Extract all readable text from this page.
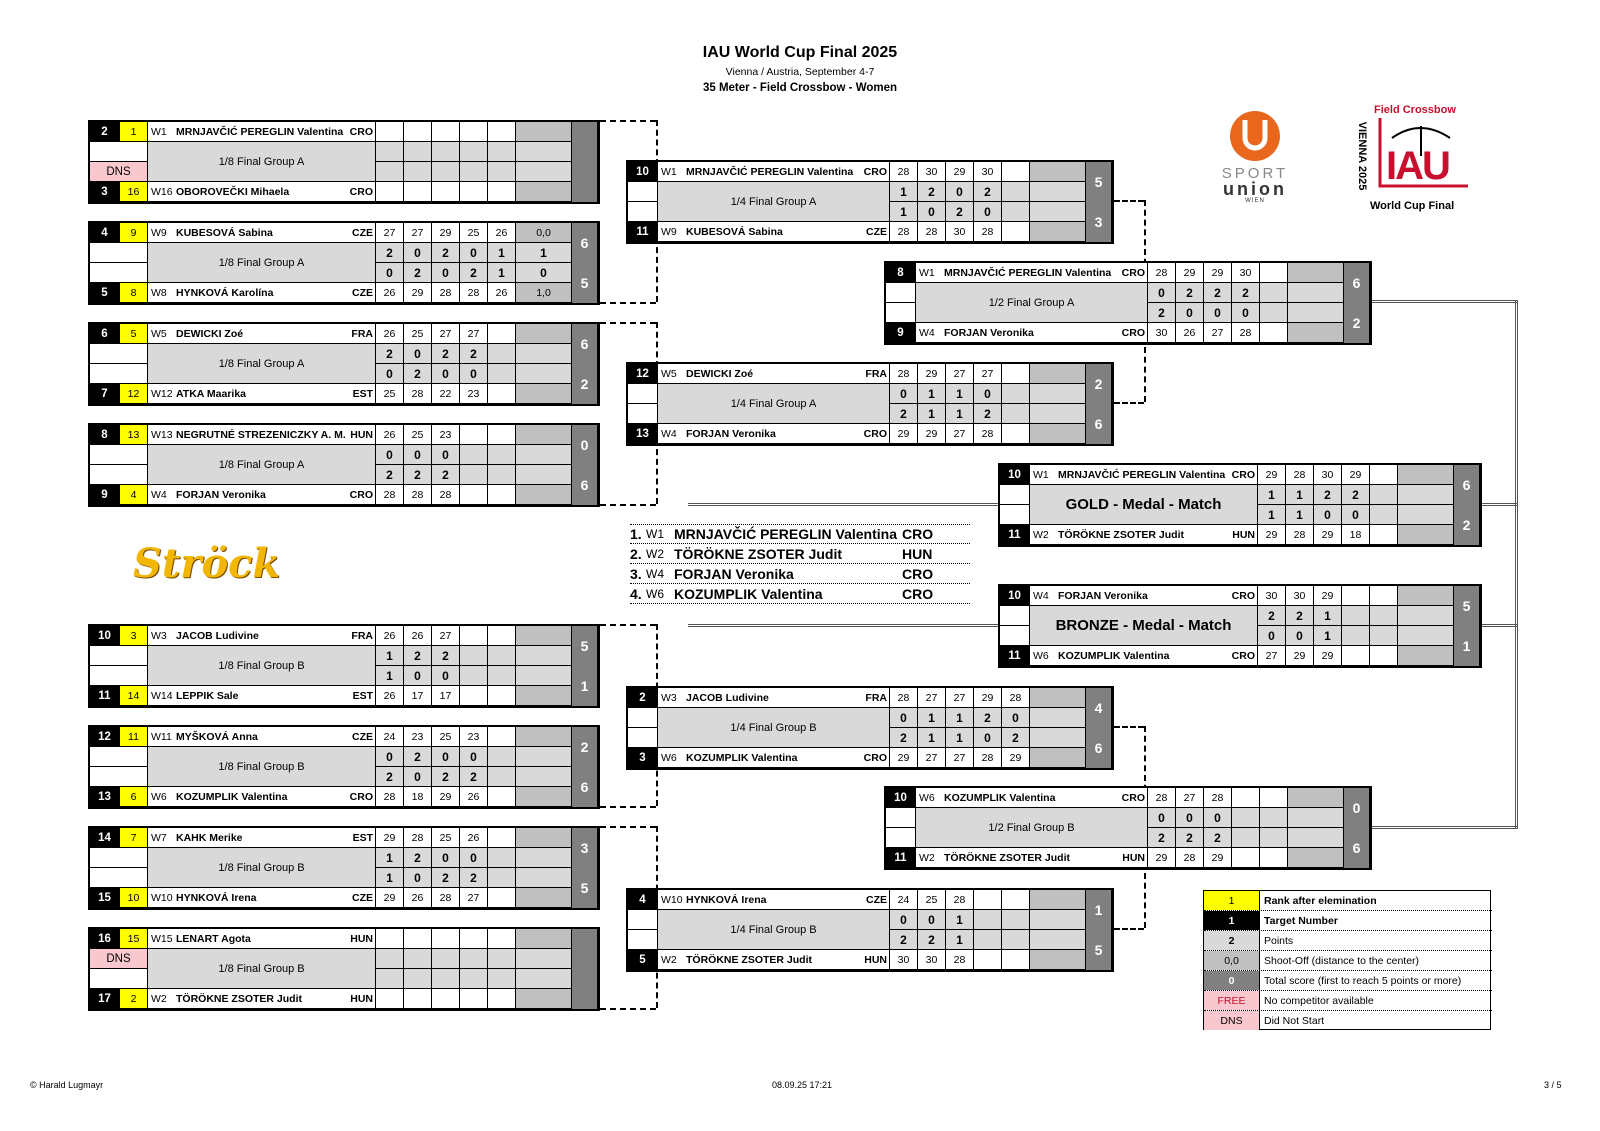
IAU World Cup Final 2025
Vienna / Austria, September 4-7
35 Meter - Field Crossbow - Women
SPORT
union
WIEN
Field Crossbow
VIENNA 2025 IAU
World Cup Final
Ströck
2	1	W1 MRNJAVČIĆ PEREGLIN Valentina CRO
3	16	W16 OBOROVEČKI Mihaela	CRO
DNS
1/8 Final Group A
4	9	W9 KUBESOVÁ Sabina	CZE	27	27	29	25	26	0,0
2	0	2	0	1	1
6
5	8	W8 HYNKOVÁ Karolína	CZE	26	29	28	28	26	1,0
0	2	0	2	1	0
5
1/8 Final Group A
6	5	W5 DEWICKI Zoé	FRA	26	25	27	27
2	0	2	2
6
7	12	W12 ATKA Maarika	EST	25	28	22	23
0	2	0	0
2
1/8 Final Group A
8	13	W13 NEGRUTNÉ STREZENICZKY A. M. HUN	26	25	23
0	0	0
0
9	4	W4 FORJAN Veronika	CRO	28	28	28
2	2	2
6
1/8 Final Group A
10	3	W3 JACOB Ludivine	FRA	26	26	27
1	2	2
5
11	14	W14 LEPPIK Sale	EST	26	17	17
1	0	0
1
1/8 Final Group B
12	11	W11 MYŠKOVÁ Anna	CZE	24	23	25	23
0	2	0	0
2
13	6	W6 KOZUMPLIK Valentina	CRO	28	18	29	26
2	0	2	2
6
1/8 Final Group B
14	7	W7 KAHK Merike	EST	29	28	25	26
1	2	0	0
3
15	10	W10 HYNKOVÁ Irena	CZE	29	26	28	27
1	0	2	2
5
1/8 Final Group B
16	15	W15 LENART Agota	HUN
DNS
17	2	W2 TÖRÖKNE ZSOTER Judit	HUN
1/8 Final Group B
10	W1 MRNJAVČIĆ PEREGLIN Valentina CRO	28	30	29	30
1	2	0	2
5
11	W9 KUBESOVÁ Sabina	CZE	28	28	30	28
1	0	2	0
3
1/4 Final Group A
12	W5 DEWICKI Zoé	FRA	28	29	27	27
0	1	1	0
2
13	W4 FORJAN Veronika	CRO	29	29	27	28
2	1	1	2
6
1/4 Final Group A
2	W3 JACOB Ludivine	FRA	28	27	27	29	28
0	1	1	2	0
4
3	W6 KOZUMPLIK Valentina	CRO	29	27	27	28	29
2	1	1	0	2
6
1/4 Final Group B
4	W10 HYNKOVÁ Irena	CZE	24	25	28
0	0	1
1
5	W2 TÖRÖKNE ZSOTER Judit	HUN	30	30	28
2	2	1
5
1/4 Final Group B
8	W1 MRNJAVČIĆ PEREGLIN Valentina CRO	28	29	29	30
0	2	2	2
6
9	W4 FORJAN Veronika	CRO	30	26	27	28
2	0	0	0
2
1/2 Final Group A
10	W6 KOZUMPLIK Valentina	CRO	28	27	28
0	0	0
0
11	W2 TÖRÖKNE ZSOTER Judit	HUN	29	28	29
2	2	2
6
1/2 Final Group B
10	W1 MRNJAVČIĆ PEREGLIN Valentina CRO	29	28	30	29
1	1	2	2
6
11	W2 TÖRÖKNE ZSOTER Judit	HUN	29	28	29	18
1	1	0	0
2
GOLD - Medal - Match
10	W4 FORJAN Veronika	CRO	30	30	29
2	2	1
5
11	W6 KOZUMPLIK Valentina	CRO	27	29	29
0	0	1
1
BRONZE - Medal - Match
1. W1 MRNJAVČIĆ PEREGLIN Valentina CRO
2. W2 TÖRÖKNE ZSOTER Judit	HUN
3. W4 FORJAN Veronika	CRO
4. W6 KOZUMPLIK Valentina	CRO
1	Rank after elemination
1	Target Number
2	Points
0,0	Shoot-Off (distance to the center)
0	Total score (first to reach 5 points or more)
FREE	No competitor available
DNS	Did Not Start
© Harald Lugmayr	08.09.25 17:21	3 / 5
